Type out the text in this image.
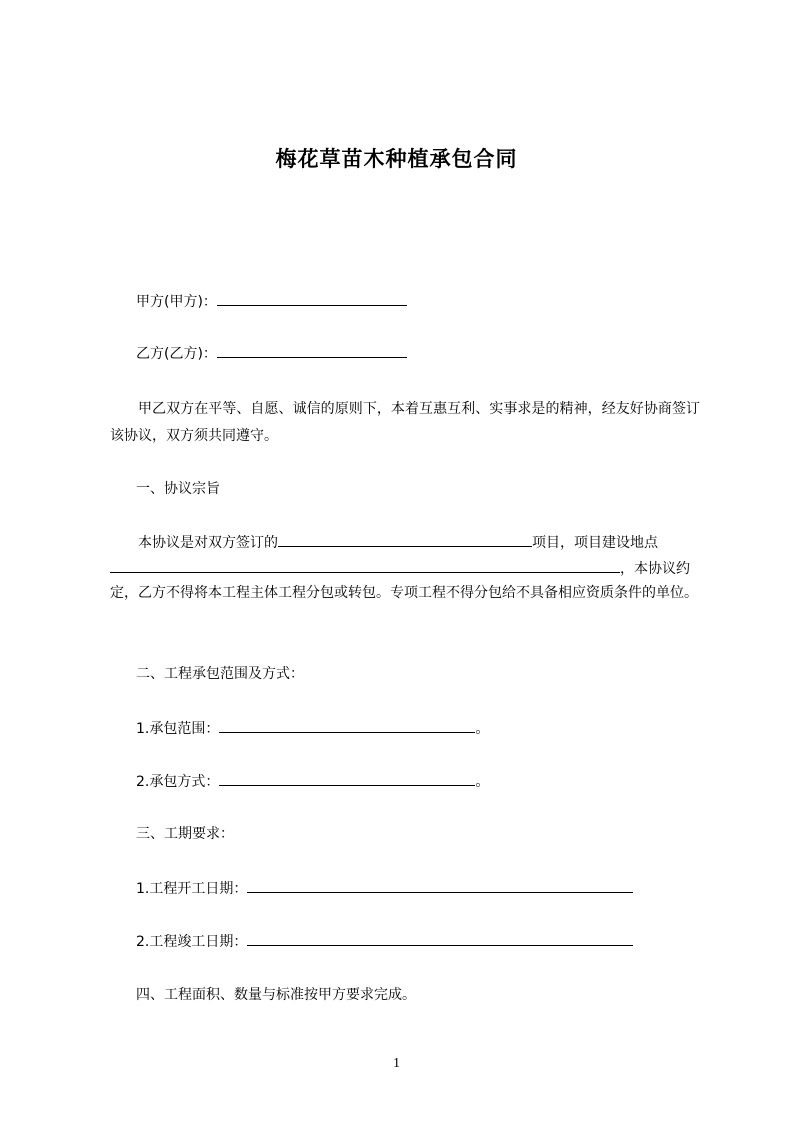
梅花草苗木种植承包合同
甲方(甲方)：
乙方(乙方)：
甲乙双方在平等、自愿、诚信的原则下，本着互惠互利、实事求是的精神，经友好协商签订该协议，双方须共同遵守。
一、协议宗旨
本协议是对双方签订的	项目，项目建设地点
，本协议约
定，乙方不得将本工程主体工程分包或转包。专项工程不得分包给不具备相应资质条件的单位。
二、工程承包范围及方式：
1.承包范围：	。
2.承包方式：	。
三、工期要求：
1.工程开工日期：
2.工程竣工日期：
四、工程面积、数量与标准按甲方要求完成。
1
